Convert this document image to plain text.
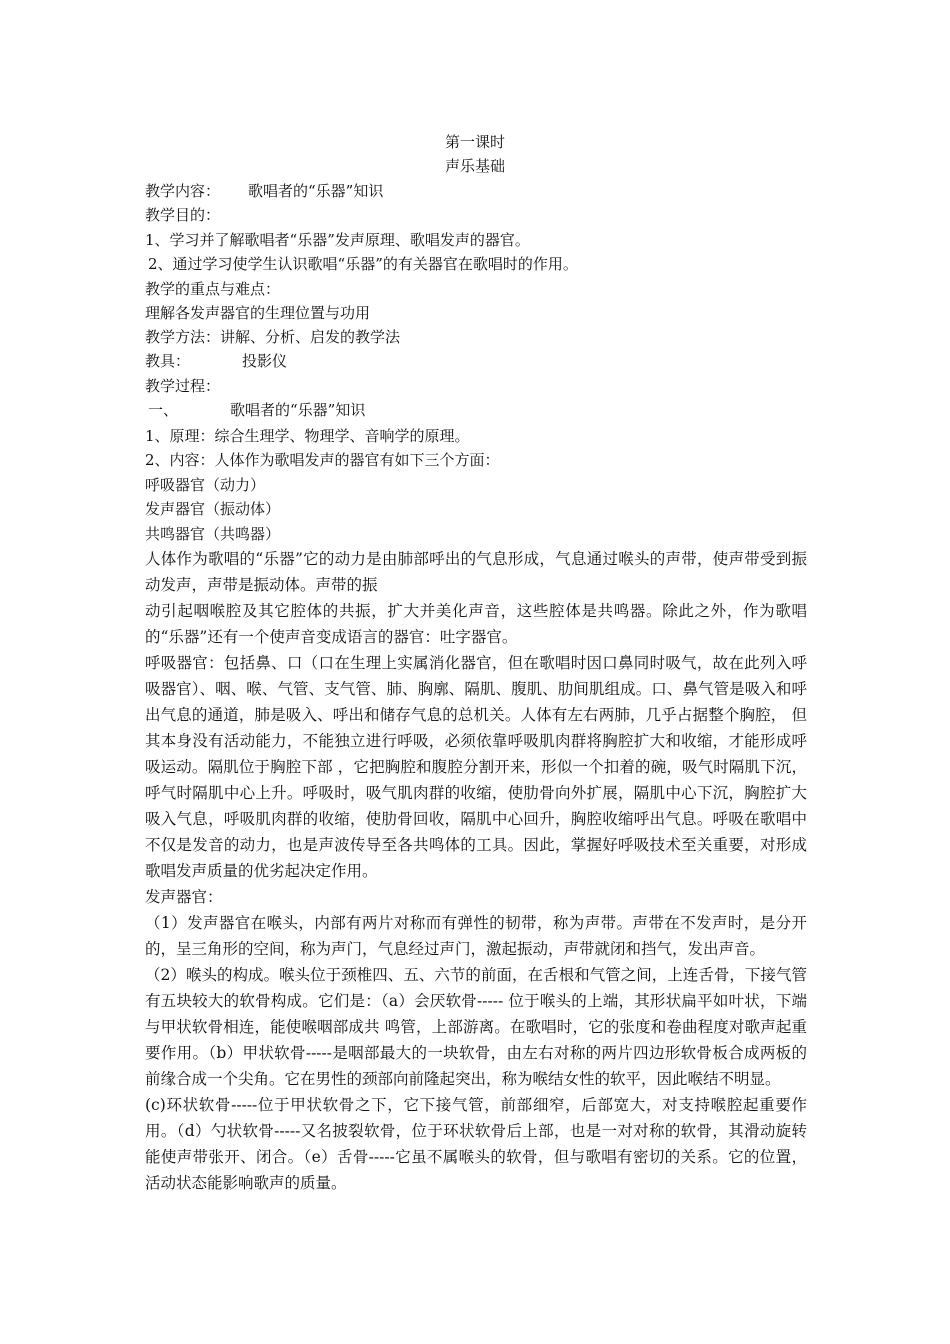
第一课时
声乐基础
教学内容： 歌唱者的“乐器”知识
教学目的：
1、学习并了解歌唱者“乐器”发声原理、歌唱发声的器官。
2、通过学习使学生认识歌唱“乐器”的有关器官在歌唱时的作用。
教学的重点与难点：
理解各发声器官的生理位置与功用
教学方法：讲解、分析、启发的教学法
教具：	投影仪
教学过程：
一、	歌唱者的“乐器”知识
1、原理：综合生理学、物理学、音响学的原理。
2、内容：人体作为歌唱发声的器官有如下三个方面：
呼吸器官（动力）
发声器官（振动体）
共鸣器官（共鸣器）

人体作为歌唱的“乐器”它的动力是由肺部呼出的气息形成，气息通过喉头的声带，使声带受到振动发声，声带是振动体。声带的振

动引起咽喉腔及其它腔体的共振，扩大并美化声音，这些腔体是共鸣器。除此之外，作为歌唱的“乐器”还有一个使声音变成语言的器官：吐字器官。

呼吸器官：包括鼻、口（口在生理上实属消化器官，但在歌唱时因口鼻同时吸气，故在此列入呼吸器官）、咽、喉、气管、支气管、肺、胸廓、隔肌、腹肌、肋间肌组成。口、鼻气管是吸入和呼出气息的通道，肺是吸入、呼出和储存气息的总机关。人体有左右两肺，几乎占据整个胸腔， 但其本身没有活动能力，不能独立进行呼吸，必须依靠呼吸肌肉群将胸腔扩大和收缩，才能形成呼吸运动。隔肌位于胸腔下部 ，它把胸腔和腹腔分割开来，形似一个扣着的碗，吸气时隔肌下沉，呼气时隔肌中心上升。呼吸时，吸气肌肉群的收缩，使肋骨向外扩展，隔肌中心下沉，胸腔扩大吸入气息，呼吸肌肉群的收缩，使肋骨回收，隔肌中心回升，胸腔收缩呼出气息。呼吸在歌唱中不仅是发音的动力，也是声波传导至各共鸣体的工具。因此，掌握好呼吸技术至关重要，对形成歌唱发声质量的优劣起决定作用。

发声器官：

（1）发声器官在喉头，内部有两片对称而有弹性的韧带，称为声带。声带在不发声时，是分开的，呈三角形的空间，称为声门，气息经过声门，激起振动，声带就闭和挡气，发出声音。

（2）喉头的构成。喉头位于颈椎四、五、六节的前面，在舌根和气管之间，上连舌骨，下接气管有五块较大的软骨构成。它们是：（a）会厌软骨----- 位于喉头的上端，其形状扁平如叶状，下端与甲状软骨相连，能使喉咽部成共 鸣管，上部游离。在歌唱时，它的张度和卷曲程度对歌声起重要作用。（b）甲状软骨-----是咽部最大的一块软骨，由左右对称的两片四边形软骨板合成两板的前缘合成一个尖角。它在男性的颈部向前隆起突出，称为喉结女性的软平，因此喉结不明显。

(c)环状软骨-----位于甲状软骨之下，它下接气管，前部细窄，后部宽大，对支持喉腔起重要作用。（d）勺状软骨-----又名披裂软骨，位于环状软骨后上部，也是一对对称的软骨，其滑动旋转能使声带张开、闭合。（e）舌骨-----它虽不属喉头的软骨，但与歌唱有密切的关系。它的位置，活动状态能影响歌声的质量。
